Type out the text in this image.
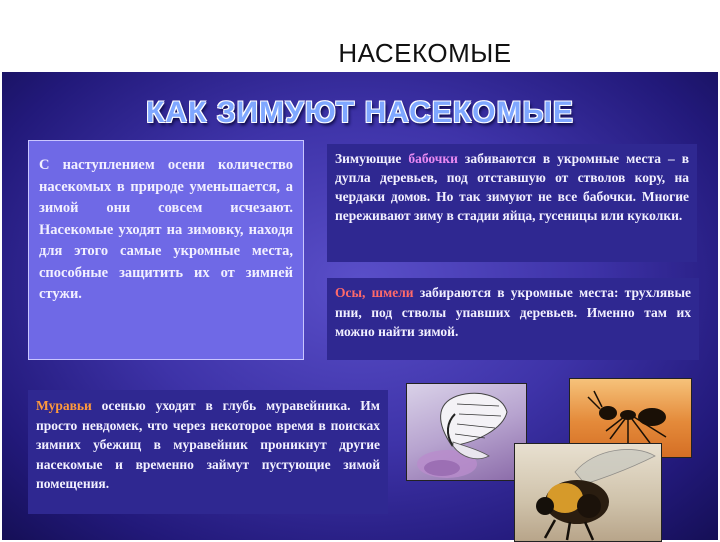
НАСЕКОМЫЕ
КАК ЗИМУЮТ НАСЕКОМЫЕ
С наступлением осени количество насекомых в природе уменьшается, а зимой они совсем исчезают. Насекомые уходят на зимовку, находя для этого самые укромные места, способные защитить их от зимней стужи.
Зимующие бабочки забиваются в укромные места – в дупла деревьев, под отставшую от стволов кору, на чердаки домов. Но так зимуют не все бабочки. Многие переживают зиму в стадии яйца, гусеницы или куколки.
Осы, шмели забираются в укромные места: трухлявые пни, под стволы упавших деревьев. Именно там их можно найти зимой.
Муравьи осенью уходят в глубь муравейника. Им просто невдомек, что через некоторое время в поисках зимних убежищ в муравейник проникнут другие насекомые и временно займут пустующие зимой помещения.
